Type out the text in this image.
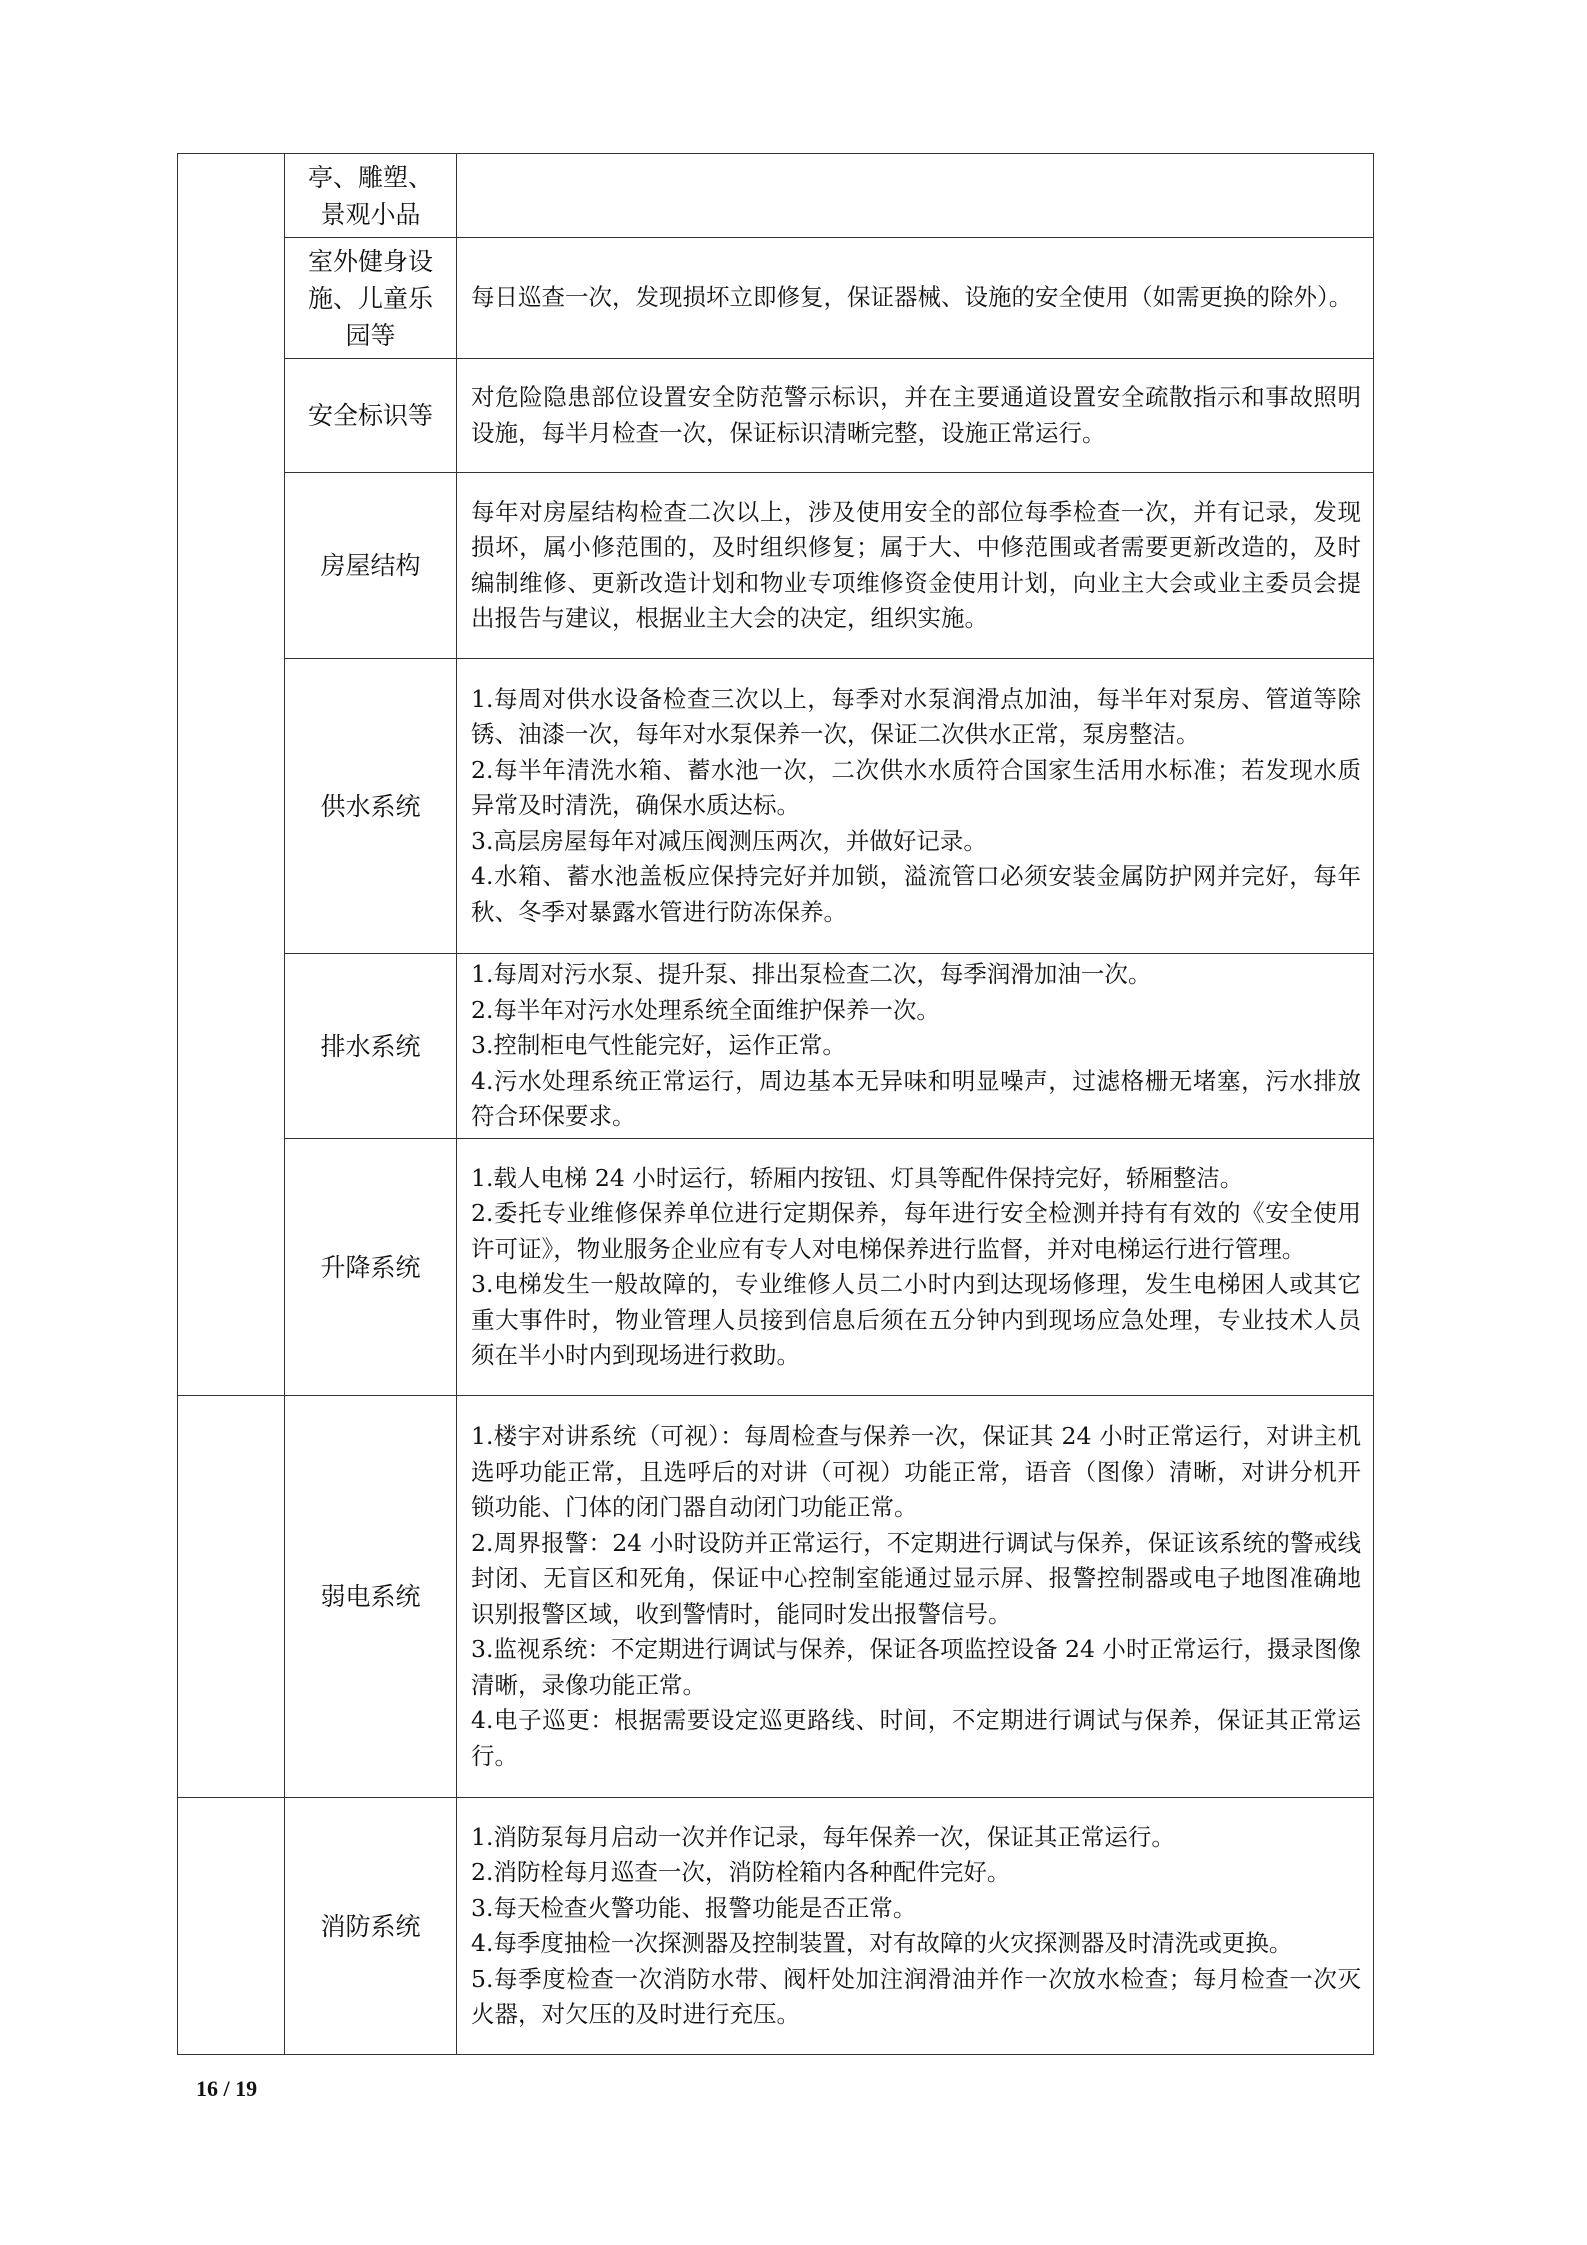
	亭、雕塑、
景观小品	

	室外健身设
施、儿童乐
园等	每日巡查一次，发现损坏立即修复，保证器械、设施的安全使用（如需更换的除外）。

	安全标识等	对危险隐患部位设置安全防范警示标识，并在主要通道设置安全疏散指示和事故照明设施，每半月检查一次，保证标识清晰完整，设施正常运行。

	房屋结构	每年对房屋结构检查二次以上，涉及使用安全的部位每季检查一次，并有记录，发现损坏，属小修范围的，及时组织修复；属于大、中修范围或者需要更新改造的，及时编制维修、更新改造计划和物业专项维修资金使用计划，向业主大会或业主委员会提出报告与建议，根据业主大会的决定，组织实施。

	供水系统	1.每周对供水设备检查三次以上，每季对水泵润滑点加油，每半年对泵房、管道等除锈、油漆一次，每年对水泵保养一次，保证二次供水正常，泵房整洁。
2.每半年清洗水箱、蓄水池一次，二次供水水质符合国家生活用水标准；若发现水质异常及时清洗，确保水质达标。
3.高层房屋每年对减压阀测压两次，并做好记录。
4.水箱、蓄水池盖板应保持完好并加锁，溢流管口必须安装金属防护网并完好，每年秋、冬季对暴露水管进行防冻保养。

	排水系统	1.每周对污水泵、提升泵、排出泵检查二次，每季润滑加油一次。
2.每半年对污水处理系统全面维护保养一次。
3.控制柜电气性能完好，运作正常。
4.污水处理系统正常运行，周边基本无异味和明显噪声，过滤格栅无堵塞，污水排放符合环保要求。

	升降系统	1.载人电梯 24 小时运行，轿厢内按钮、灯具等配件保持完好，轿厢整洁。
2.委托专业维修保养单位进行定期保养，每年进行安全检测并持有有效的《安全使用许可证》，物业服务企业应有专人对电梯保养进行监督，并对电梯运行进行管理。
3.电梯发生一般故障的，专业维修人员二小时内到达现场修理，发生电梯困人或其它重大事件时，物业管理人员接到信息后须在五分钟内到现场应急处理，专业技术人员须在半小时内到现场进行救助。

	弱电系统	1.楼宇对讲系统（可视）：每周检查与保养一次，保证其 24 小时正常运行，对讲主机选呼功能正常，且选呼后的对讲（可视）功能正常，语音（图像）清晰，对讲分机开锁功能、门体的闭门器自动闭门功能正常。
2.周界报警：24 小时设防并正常运行，不定期进行调试与保养，保证该系统的警戒线封闭、无盲区和死角，保证中心控制室能通过显示屏、报警控制器或电子地图准确地识别报警区域，收到警情时，能同时发出报警信号。
3.监视系统：不定期进行调试与保养，保证各项监控设备 24 小时正常运行，摄录图像清晰，录像功能正常。
4.电子巡更：根据需要设定巡更路线、时间，不定期进行调试与保养，保证其正常运行。

	消防系统	1.消防泵每月启动一次并作记录，每年保养一次，保证其正常运行。
2.消防栓每月巡查一次，消防栓箱内各种配件完好。
3.每天检查火警功能、报警功能是否正常。
4.每季度抽检一次探测器及控制装置，对有故障的火灾探测器及时清洗或更换。
5.每季度检查一次消防水带、阀杆处加注润滑油并作一次放水检查；每月检查一次灭火器，对欠压的及时进行充压。
16 / 19
